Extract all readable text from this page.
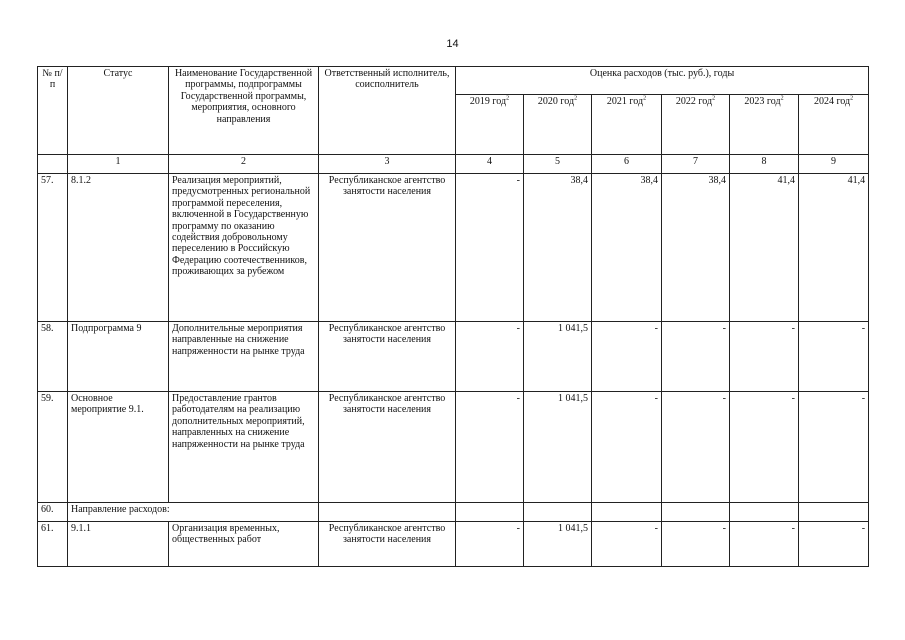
14
№ п/п	Статус	Наименование Государственной программы, подпрограммы Государственной программы, мероприятия, основного направления	Ответственный исполнитель, соисполнитель	Оценка расходов (тыс. руб.), годы					
				2019 год$^2$	2020 год$^2$	2021 год$^2$	2022 год$^2$	2023 год$^2$	2024 год$^2$
	1	2	3	4	5	6	7	8	9
57.	8.1.2	Реализация мероприятий, предусмотренных региональной программой переселения, включенной в Государственную программу по оказанию содействия добровольному переселению в Российскую Федерацию соотечественников, проживающих за рубежом	Республиканское агентство занятости населения	-	38,4	38,4	38,4	41,4	41,4
58.	Подпрограмма 9	Дополнительные мероприятия направленные на снижение напряженности на рынке труда	Республиканское агентство занятости населения	-	1 041,5	-	-	-	-
59.	Основное мероприятие 9.1.	Предоставление грантов работодателям на реализацию дополнительных мероприятий, направленных на снижение напряженности на рынке труда	Республиканское агентство занятости населения	-	1 041,5	-	-	-	-
60.	Направление расходов:								
61.	9.1.1	Организация временных, общественных работ	Республиканское агентство занятости населения	-	1 041,5	-	-	-	-
